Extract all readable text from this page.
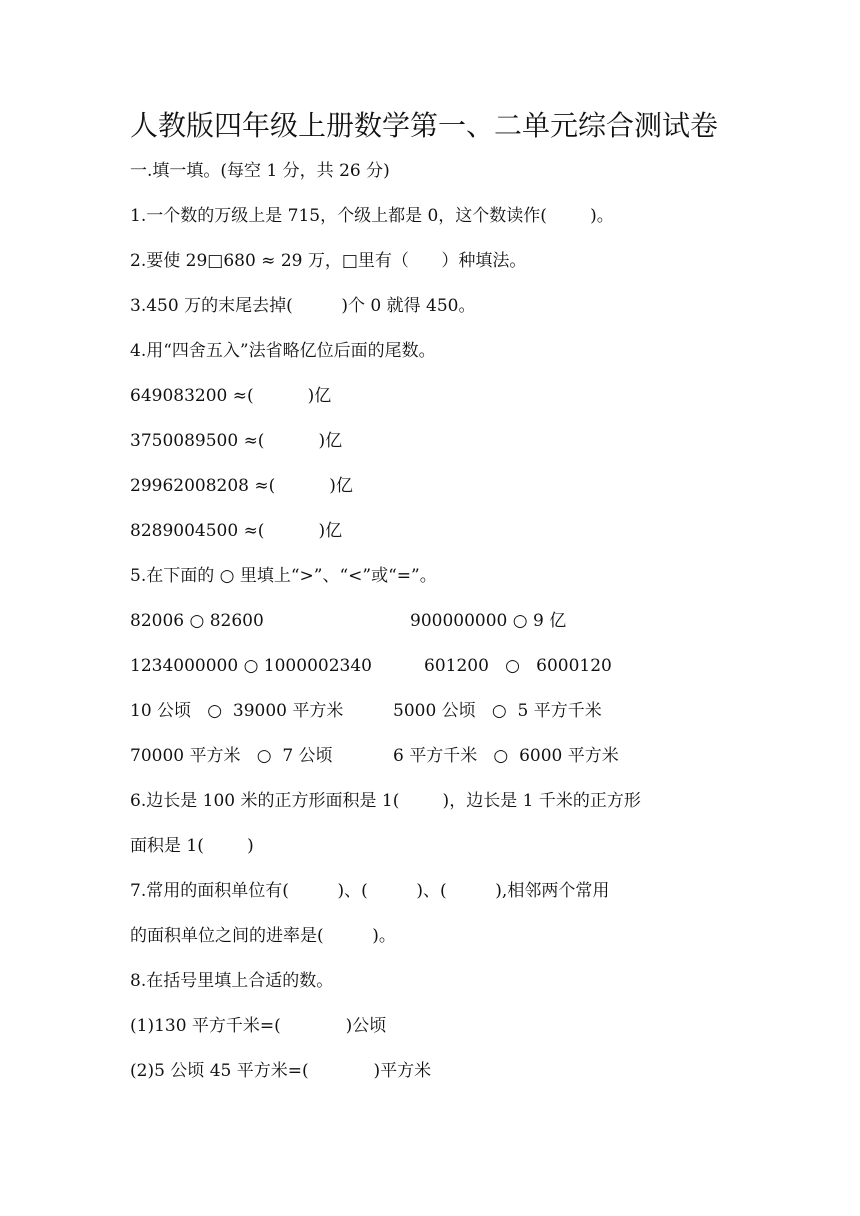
人教版四年级上册数学第一、二单元综合测试卷
一.填一填。(每空 1 分，共 26 分)
1.一个数的万级上是 715，个级上都是 0，这个数读作(        )。
2.要使 29□680 ≈ 29 万，□里有（      ）种填法。
3.450 万的末尾去掉(         )个 0 就得 450。
4.用“四舍五入”法省略亿位后面的尾数。
649083200 ≈(          )亿
3750089500 ≈(          )亿
29962008208 ≈(          )亿
8289004500 ≈(          )亿
5.在下面的 ○ 里填上“>”、“<”或“=”。
82006 ○ 82600	900000000 ○ 9 亿
1234000000 ○ 1000002340	601200   ○   6000120
10 公顷   ○  39000 平方米	5000 公顷   ○  5 平方千米
70000 平方米   ○  7 公顷	6 平方千米   ○  6000 平方米
6.边长是 100 米的正方形面积是 1(        )，边长是 1 千米的正方形
面积是 1(        )
7.常用的面积单位有(         )、(         )、(         ),相邻两个常用
的面积单位之间的进率是(         )。
8.在括号里填上合适的数。
(1)130 平方千米=(            )公顷
(2)5 公顷 45 平方米=(            )平方米
